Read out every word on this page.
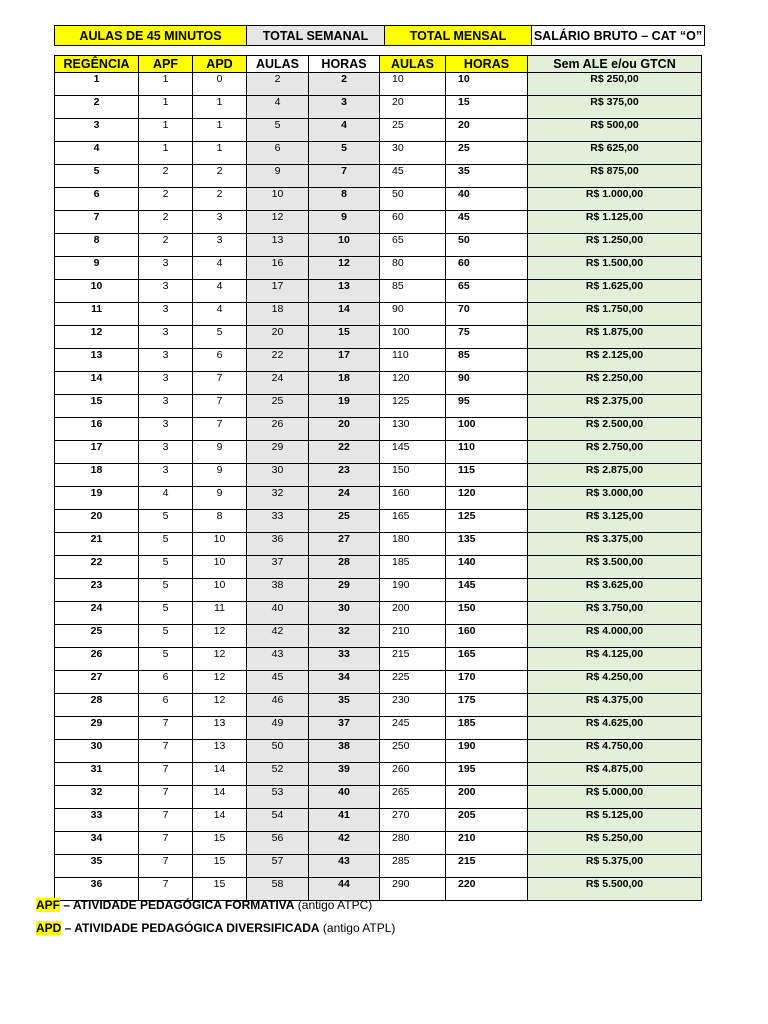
AULAS DE 45 MINUTOS	TOTAL SEMANAL	TOTAL MENSAL	SALÁRIO BRUTO – CAT “O”
REGÊNCIA	APF	APD	AULAS	HORAS	AULAS	HORAS	Sem ALE e/ou GTCN
1	1	0	2	2	10	10	R$ 250,00
2	1	1	4	3	20	15	R$ 375,00
3	1	1	5	4	25	20	R$ 500,00
4	1	1	6	5	30	25	R$ 625,00
5	2	2	9	7	45	35	R$ 875,00
6	2	2	10	8	50	40	R$ 1.000,00
7	2	3	12	9	60	45	R$ 1.125,00
8	2	3	13	10	65	50	R$ 1.250,00
9	3	4	16	12	80	60	R$ 1.500,00
10	3	4	17	13	85	65	R$ 1.625,00
11	3	4	18	14	90	70	R$ 1.750,00
12	3	5	20	15	100	75	R$ 1.875,00
13	3	6	22	17	110	85	R$ 2.125,00
14	3	7	24	18	120	90	R$ 2.250,00
15	3	7	25	19	125	95	R$ 2.375,00
16	3	7	26	20	130	100	R$ 2.500,00
17	3	9	29	22	145	110	R$ 2.750,00
18	3	9	30	23	150	115	R$ 2.875,00
19	4	9	32	24	160	120	R$ 3.000,00
20	5	8	33	25	165	125	R$ 3.125,00
21	5	10	36	27	180	135	R$ 3.375,00
22	5	10	37	28	185	140	R$ 3.500,00
23	5	10	38	29	190	145	R$ 3.625,00
24	5	11	40	30	200	150	R$ 3.750,00
25	5	12	42	32	210	160	R$ 4.000,00
26	5	12	43	33	215	165	R$ 4.125,00
27	6	12	45	34	225	170	R$ 4.250,00
28	6	12	46	35	230	175	R$ 4.375,00
29	7	13	49	37	245	185	R$ 4.625,00
30	7	13	50	38	250	190	R$ 4.750,00
31	7	14	52	39	260	195	R$ 4.875,00
32	7	14	53	40	265	200	R$ 5.000,00
33	7	14	54	41	270	205	R$ 5.125,00
34	7	15	56	42	280	210	R$ 5.250,00
35	7	15	57	43	285	215	R$ 5.375,00
36	7	15	58	44	290	220	R$ 5.500,00
APF – ATIVIDADE PEDAGÓGICA FORMATIVA (antigo ATPC)
APD – ATIVIDADE PEDAGÓGICA DIVERSIFICADA (antigo ATPL)
